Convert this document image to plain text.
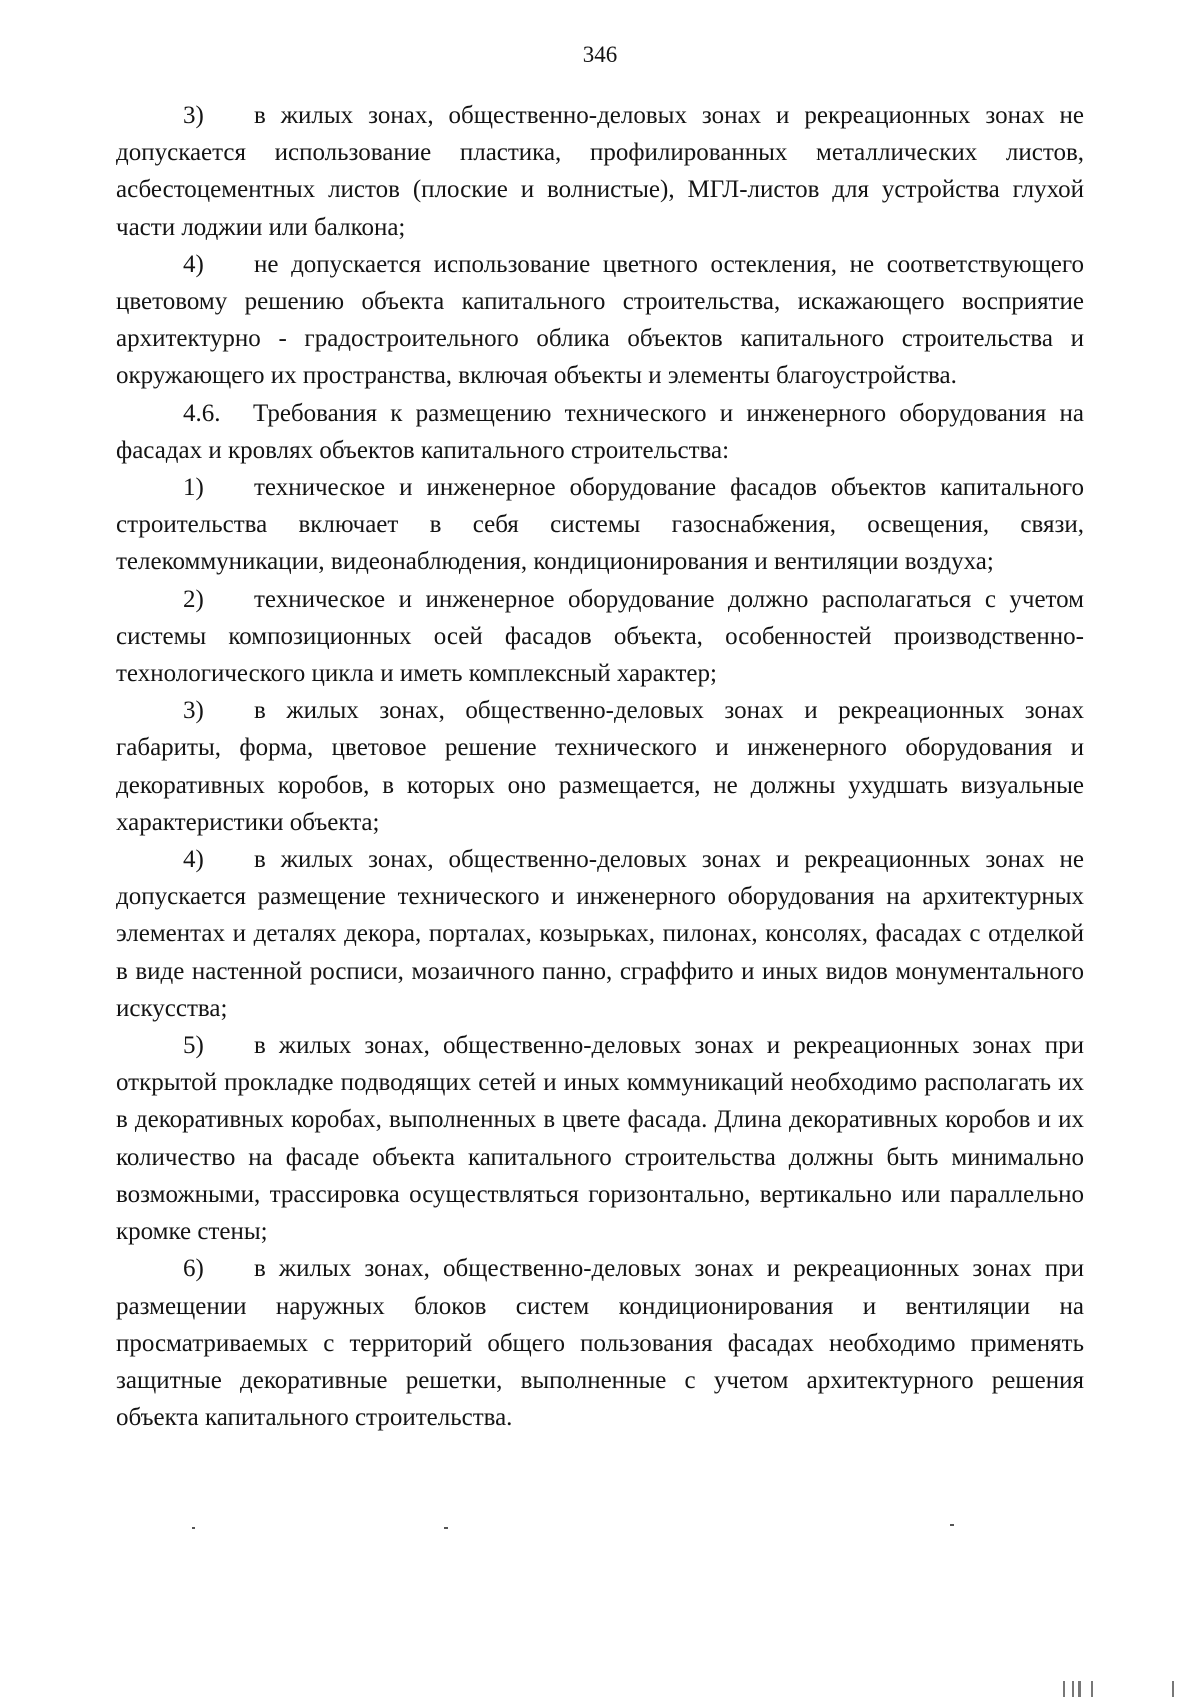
346

3) в жилых зонах, общественно-деловых зонах и рекреационных зонах не допускается использование пластика, профилированных металлических листов, асбестоцементных листов (плоские и волнистые), МГЛ-листов для устройства глухой части лоджии или балкона;

4) не допускается использование цветного остекления, не соответствующего цветовому решению объекта капитального строительства, искажающего восприятие архитектурно - градостроительного облика объектов капитального строительства и окружающего их пространства, включая объекты и элементы благоустройства.

4.6. Требования к размещению технического и инженерного оборудования на фасадах и кровлях объектов капитального строительства:

1) техническое и инженерное оборудование фасадов объектов капитального строительства включает в себя системы газоснабжения, освещения, связи, телекоммуникации, видеонаблюдения, кондиционирования и вентиляции воздуха;

2) техническое и инженерное оборудование должно располагаться с учетом системы композиционных осей фасадов объекта, особенностей производственно-технологического цикла и иметь комплексный характер;

3) в жилых зонах, общественно-деловых зонах и рекреационных зонах габариты, форма, цветовое решение технического и инженерного оборудования и декоративных коробов, в которых оно размещается, не должны ухудшать визуальные характеристики объекта;

4) в жилых зонах, общественно-деловых зонах и рекреационных зонах не допускается размещение технического и инженерного оборудования на архитектурных элементах и деталях декора, порталах, козырьках, пилонах, консолях, фасадах с отделкой в виде настенной росписи, мозаичного панно, сграффито и иных видов монументального искусства;

5) в жилых зонах, общественно-деловых зонах и рекреационных зонах при открытой прокладке подводящих сетей и иных коммуникаций необходимо располагать их в декоративных коробах, выполненных в цвете фасада. Длина декоративных коробов и их количество на фасаде объекта капитального строительства должны быть минимально возможными, трассировка осуществляться горизонтально, вертикально или параллельно кромке стены;

6) в жилых зонах, общественно-деловых зонах и рекреационных зонах при размещении наружных блоков систем кондиционирования и вентиляции на просматриваемых с территорий общего пользования фасадах необходимо применять защитные декоративные решетки, выполненные с учетом архитектурного решения объекта капитального строительства.
